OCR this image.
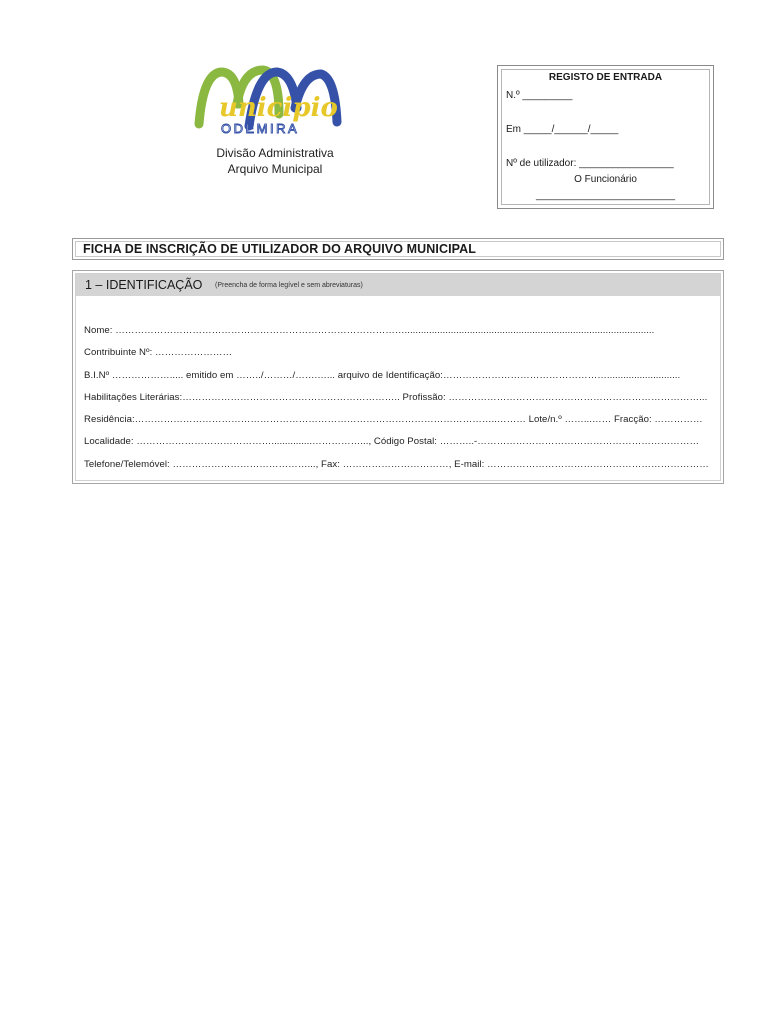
unicipio
ODEMIRA
Divisão Administrativa
Arquivo Municipal
REGISTO DE ENTRADA
N.º _________
Em _____/______/_____
Nº de utilizador: _________________
O Funcionário
_________________________
FICHA DE INSCRIÇÃO DE UTILIZADOR DO ARQUIVO MUNICIPAL
1 – IDENTIFICAÇÃO (Preencha de forma legível e sem abreviaturas)
Nome: ………………………………………………………………………………............................................................................................
Contribuinte Nº: ……………………
B.I.Nº ………………..... emitido em ……../………/…….…... arquivo de Identificação:……………………………………………...........................
Habilitações Literárias:………………………………………………………….. Profissão: ……………………………………………………………………...
Residência:…………………………………………………………………………………………………..……… Lote/n.º ……...…… Fracção: ……………
Localidade: ……………………………………...............……………..., Código Postal: ………..-……………………………………………………………
Telefone/Telemóvel: ……………………………………..., Fax: ……………………………, E-mail: ……………………………………………………………
